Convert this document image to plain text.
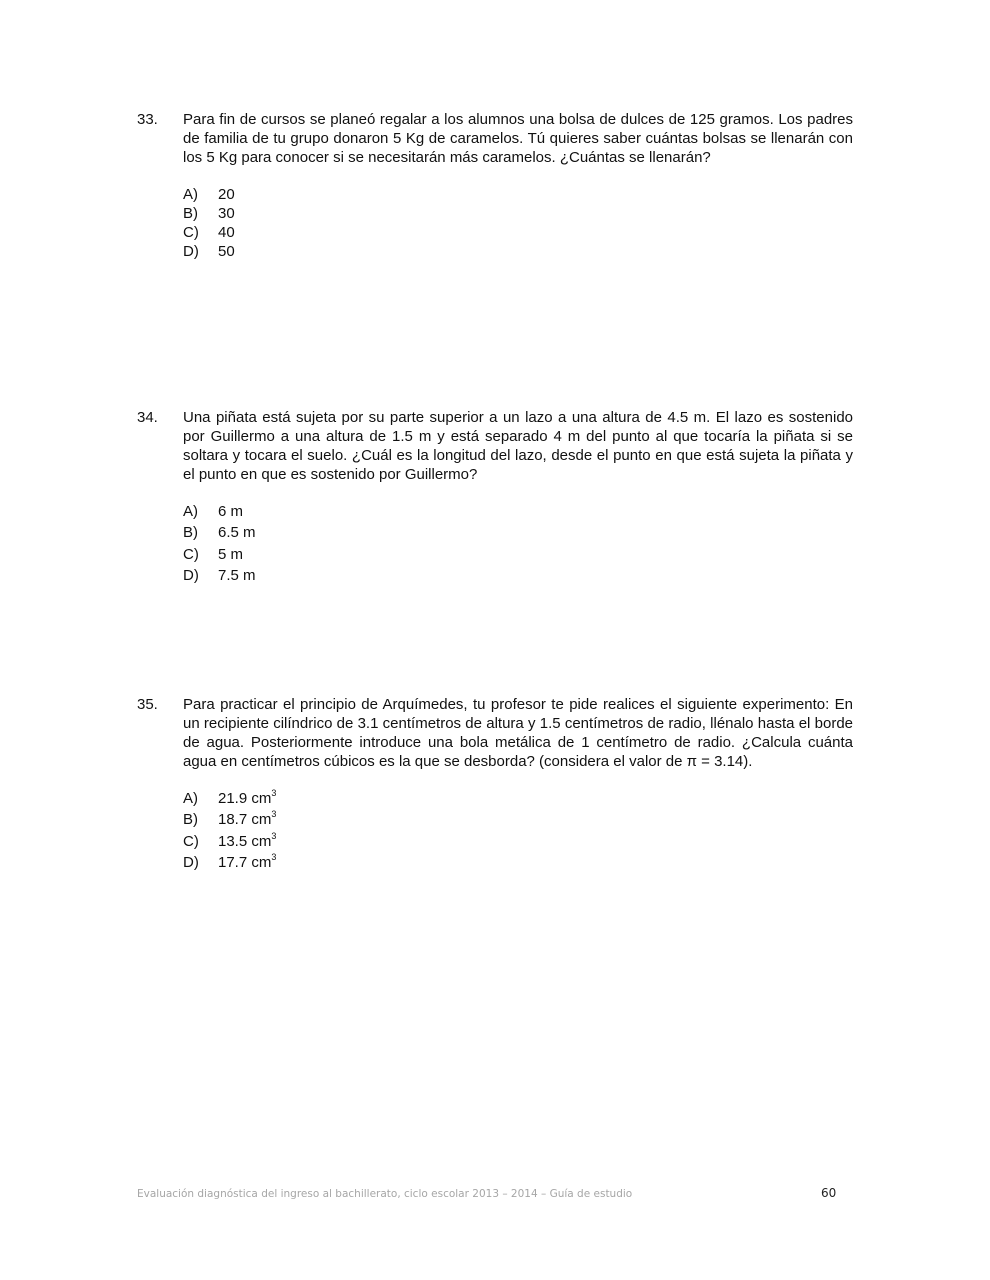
33. Para fin de cursos se planeó regalar a los alumnos una bolsa de dulces de 125 gramos. Los padres de familia de tu grupo donaron 5 Kg de caramelos. Tú quieres saber cuántas bolsas se llenarán con los 5 Kg para conocer si se necesitarán más caramelos. ¿Cuántas se llenarán?
A) 20
B) 30
C) 40
D) 50
34. Una piñata está sujeta por su parte superior a un lazo a una altura de 4.5 m. El lazo es sostenido por Guillermo a una altura de 1.5 m y está separado 4 m del punto al que tocaría la piñata si se soltara y tocara el suelo. ¿Cuál es la longitud del lazo, desde el punto en que está sujeta la piñata y el punto en que es sostenido por Guillermo?
A) 6 m
B) 6.5 m
C) 5 m
D) 7.5 m
35. Para practicar el principio de Arquímedes, tu profesor te pide realices el siguiente experimento: En un recipiente cilíndrico de 3.1 centímetros de altura y 1.5 centímetros de radio, llénalo hasta el borde de agua. Posteriormente introduce una bola metálica de 1 centímetro de radio. ¿Calcula cuánta agua en centímetros cúbicos es la que se desborda? (considera el valor de π = 3.14).
A) 21.9 $cm^3$
B) 18.7 $cm^3$
C) 13.5 $cm^3$
D) 17.7 $cm^3$
Evaluación diagnóstica del ingreso al bachillerato, ciclo escolar 2013 – 2014 – Guía de estudio	60
